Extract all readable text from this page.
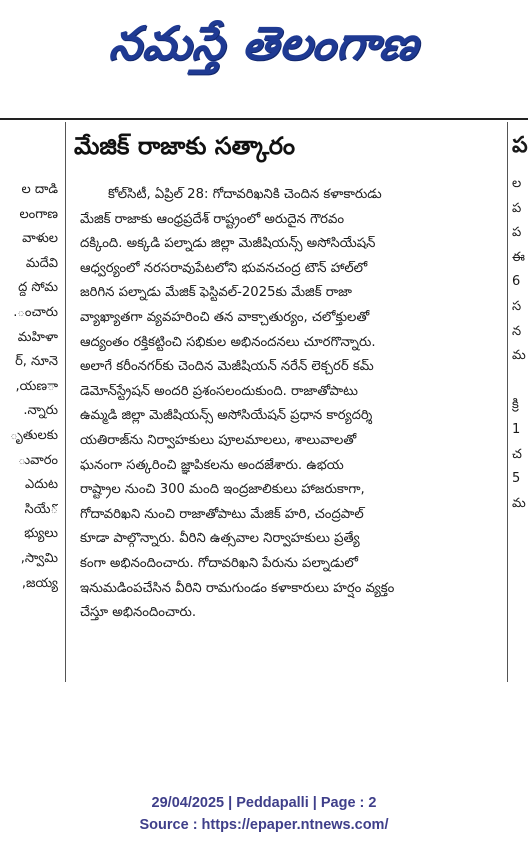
నమస్తే తెలంగాణ
ల దాడి
లంగాణ
వాళుల
మదేవి
ద్ద సోమ
ంచారు.
మహిళా
ర్, నూనె
ాయణ,
న్నారు.
ృతులకు
ువారం
ఎదుట
ోసియే
భ్యులు
స్వామి,
జయ్య,
ప
ల
ప
ప
ఈ
6
స
న
మ
క్రి
1
చ
5
మ
మేజిక్ రాజాకు సత్కారం
కోల్‌సిటీ, ఏప్రిల్ 28: గోదావరిఖనికి చెందిన కళాకారుడు
మేజిక్ రాజాకు ఆంధ్రప్రదేశ్ రాష్ట్రంలో అరుదైన గౌరవం
దక్కింది. అక్కడి పల్నాడు జిల్లా మెజీషియన్స్ అసోసియేషన్
ఆధ్వర్యంలో నరసరావుపేటలోని భువనచంద్ర టౌన్ హాల్‌లో
జరిగిన పల్నాడు మేజిక్ ఫెస్టివల్-2025కు మేజిక్ రాజా
వ్యాఖ్యాతగా వ్యవహరించి తన వాక్చాతుర్యం, చలోక్తులతో
ఆద్యంతం రక్తికట్టించి సభికుల అభినందనలు చూరగొన్నారు.
అలాగే కరీంనగర్‌కు చెందిన మెజీషియన్ నరేన్ లెక్చరర్ కమ్
డెమోన్‌స్ట్రేషన్ అందరి ప్రశంసలందుకుంది. రాజాతోపాటు
ఉమ్మడి జిల్లా మెజీషియన్స్ అసోసియేషన్ ప్రధాన కార్యదర్శి
యతిరాజ్‌ను నిర్వాహకులు పూలమాలలు, శాలువాలతో
ఘనంగా సత్కరించి జ్ఞాపికలను అందజేశారు. ఉభయ
రాష్ట్రాల నుంచి 300 మంది ఇంద్రజాలికులు హాజరుకాగా,
గోదావరిఖని నుంచి రాజాతోపాటు మేజిక్ హరి, చంద్రపాల్
కూడా పాల్గొన్నారు. వీరిని ఉత్సవాల నిర్వాహకులు ప్రత్యే
కంగా అభినందించారు. గోదావరిఖని పేరును పల్నాడులో
ఇనుమడింపచేసిన వీరిని రామగుండం కళాకారులు హర్షం వ్యక్తం
చేస్తూ అభినందించారు.
29/04/2025 | Peddapalli | Page : 2
Source : https://epaper.ntnews.com/
